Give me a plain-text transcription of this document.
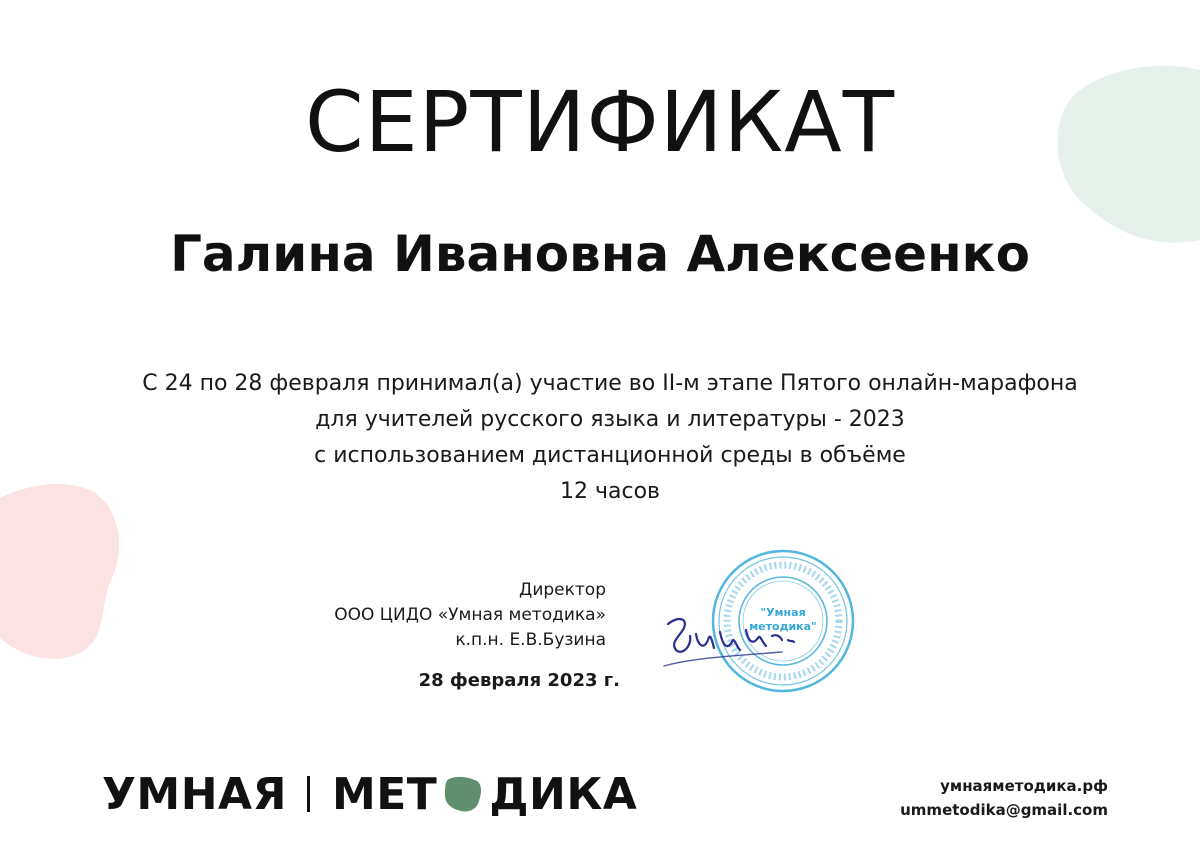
СЕРТИФИКАТ
Галина Ивановна Алексеенко
С 24 по 28 февраля принимал(а) участие во II-м этапе Пятого онлайн-марафона
для учителей русского языка и литературы - 2023
с использованием дистанционной среды в объёме
12 часов
Директор
ООО ЦИДО «Умная методика»
к.п.н. Е.В.Бузина
28 февраля 2023 г.
"Умная
методика"
УМНАЯ МЕТ ДИКА	умнаяметодика.рф
ummetodika@gmail.com
